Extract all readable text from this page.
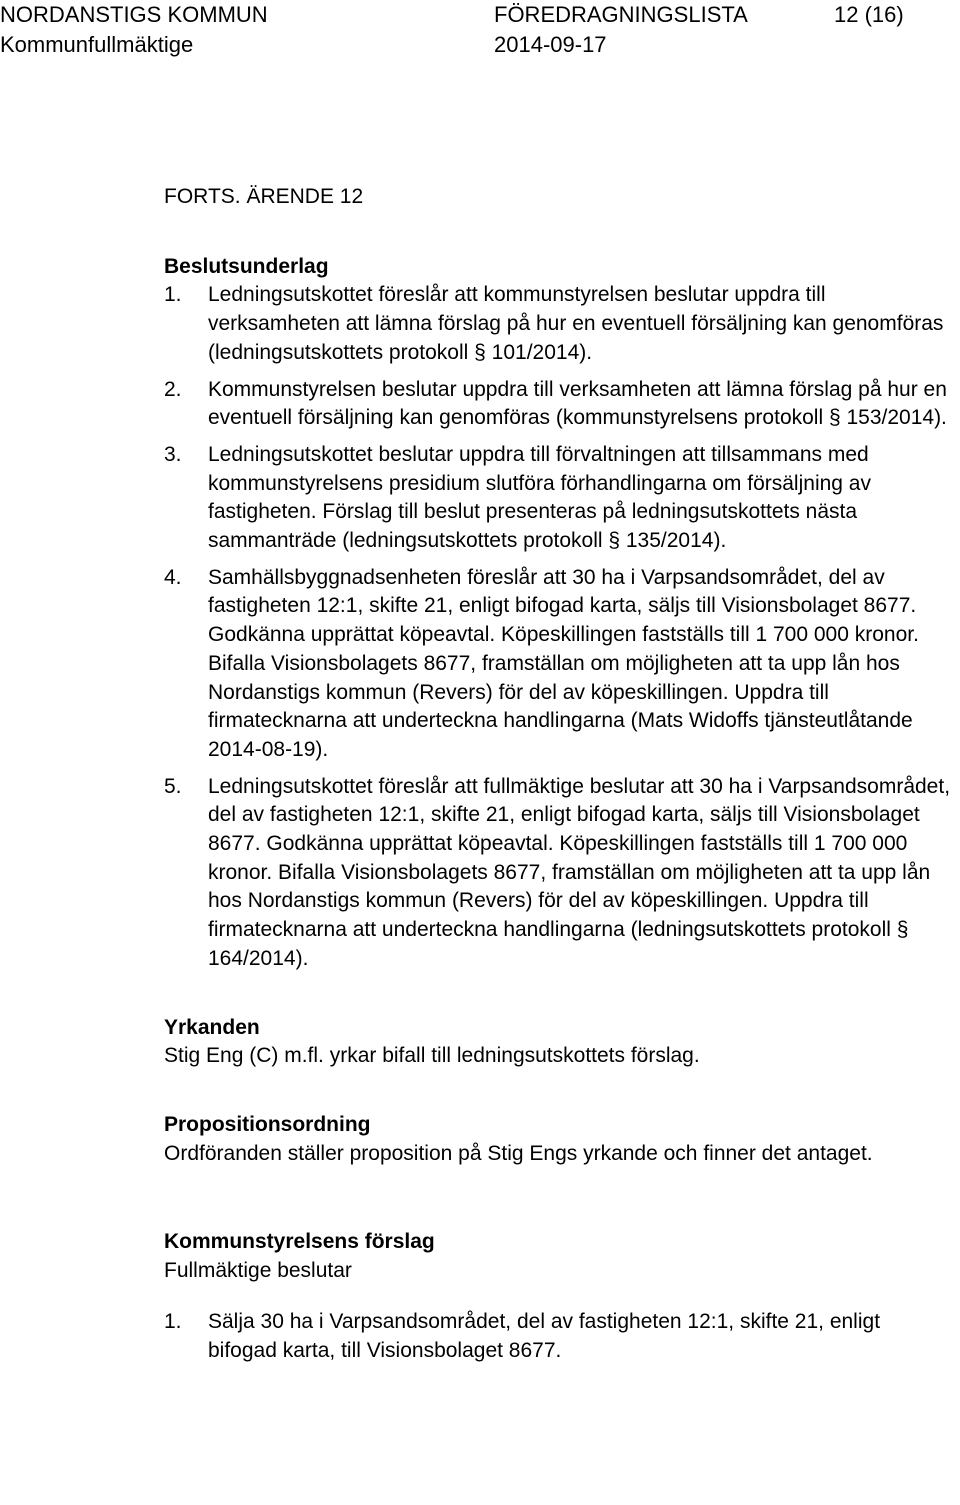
NORDANSTIGS KOMMUN	FÖREDRAGNINGSLISTA	12 (16)
Kommunfullmäktige	2014-09-17

FORTS. ÄRENDE 12

Beslutsunderlag

1. Ledningsutskottet föreslår att kommunstyrelsen beslutar uppdra till verksamheten att lämna förslag på hur en eventuell försäljning kan genomföras (ledningsutskottets protokoll § 101/2014).
2. Kommunstyrelsen beslutar uppdra till verksamheten att lämna förslag på hur en eventuell försäljning kan genomföras (kommunstyrelsens protokoll § 153/2014).
3. Ledningsutskottet beslutar uppdra till förvaltningen att tillsammans med kommunstyrelsens presidium slutföra förhandlingarna om försäljning av fastigheten. Förslag till beslut presenteras på ledningsutskottets nästa sammanträde (ledningsutskottets protokoll § 135/2014).
4. Samhällsbyggnadsenheten föreslår att 30 ha i Varpsandsområdet, del av fastigheten 12:1, skifte 21, enligt bifogad karta, säljs till Visionsbolaget 8677. Godkänna upprättat köpeavtal. Köpeskillingen fastställs till 1 700 000 kronor. Bifalla Visionsbolagets 8677, framställan om möjligheten att ta upp lån hos Nordanstigs kommun (Revers) för del av köpeskillingen. Uppdra till firmatecknarna att underteckna handlingarna (Mats Widoffs tjänsteutlåtande 2014-08-19).
5. Ledningsutskottet föreslår att fullmäktige beslutar att 30 ha i Varpsandsområdet, del av fastigheten 12:1, skifte 21, enligt bifogad karta, säljs till Visionsbolaget 8677. Godkänna upprättat köpeavtal. Köpeskillingen fastställs till 1 700 000 kronor. Bifalla Visionsbolagets 8677, framställan om möjligheten att ta upp lån hos Nordanstigs kommun (Revers) för del av köpeskillingen. Uppdra till firmatecknarna att underteckna handlingarna (ledningsutskottets protokoll § 164/2014).

Yrkanden

Stig Eng (C) m.fl. yrkar bifall till ledningsutskottets förslag.

Propositionsordning

Ordföranden ställer proposition på Stig Engs yrkande och finner det antaget.

Kommunstyrelsens förslag

Fullmäktige beslutar

1. Sälja 30 ha i Varpsandsområdet, del av fastigheten 12:1, skifte 21, enligt bifogad karta, till Visionsbolaget 8677.
